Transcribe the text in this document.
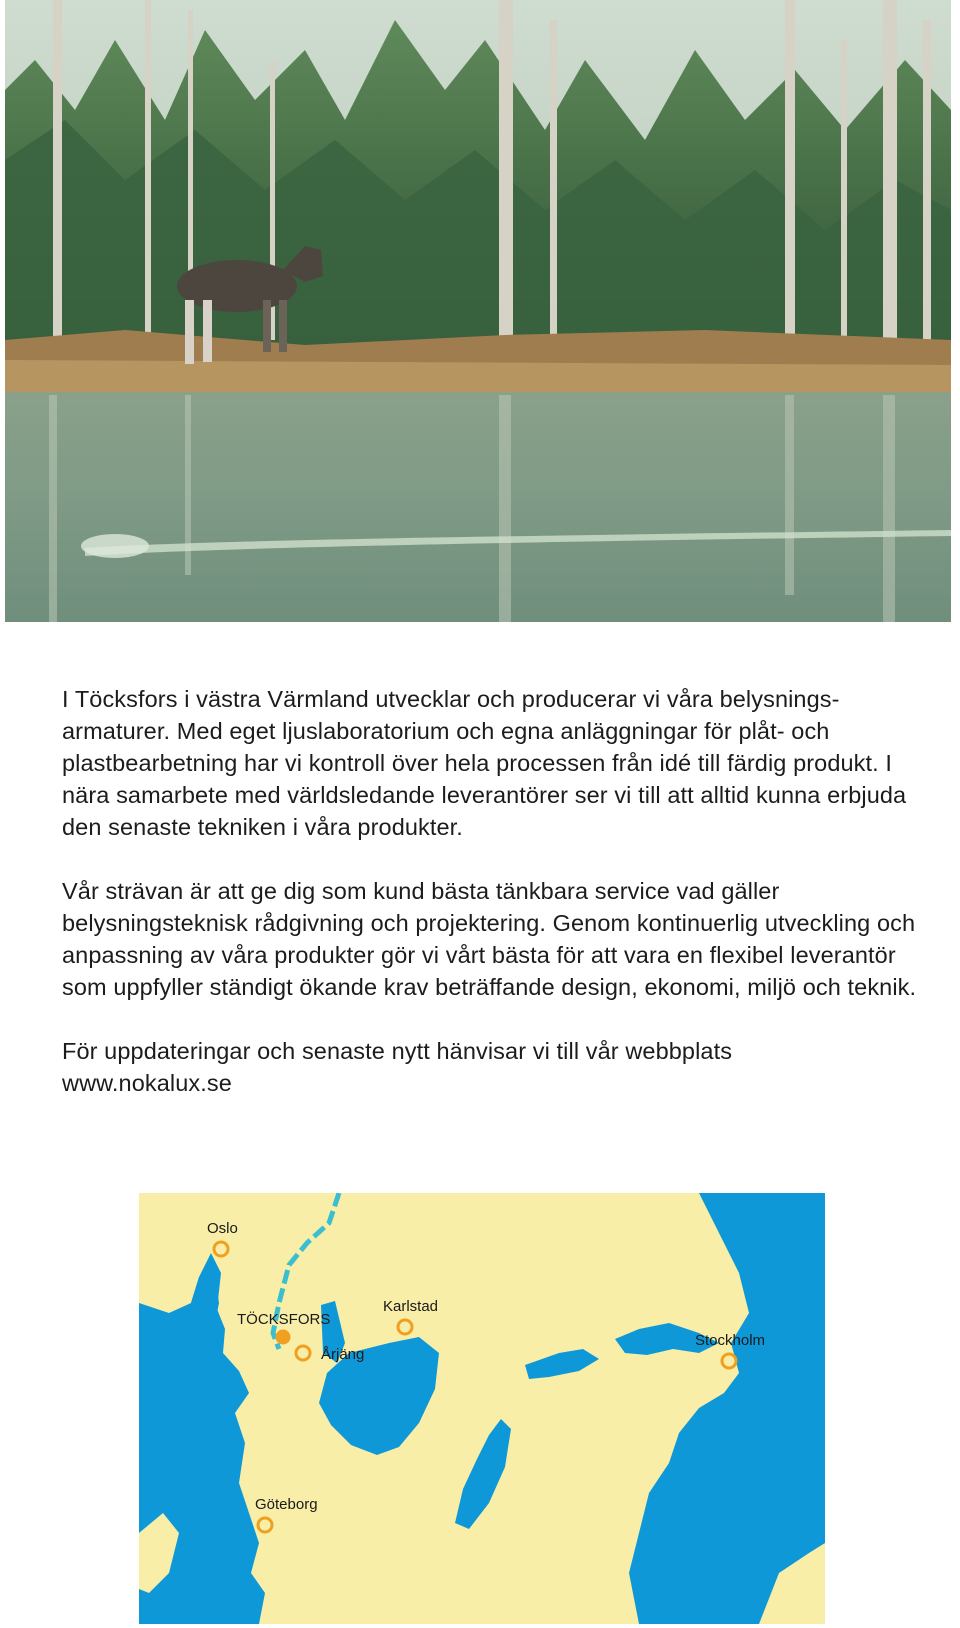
I Töcksfors i västra Värmland utvecklar och producerar vi våra belysnings-armaturer. Med eget ljuslaboratorium och egna anläggningar för plåt- och plastbearbetning har vi kontroll över hela processen från idé till färdig produkt. I nära samarbete med världsledande leverantörer ser vi till att alltid kunna erbjuda den senaste tekniken i våra produkter.

Vår strävan är att ge dig som kund bästa tänkbara service vad gäller belysningsteknisk rådgivning och projektering. Genom kontinuerlig utveckling och anpassning av våra produkter gör vi vårt bästa för att vara en flexibel leverantör som uppfyller ständigt ökande krav beträffande design, ekonomi, miljö och teknik.

För uppdateringar och senaste nytt hänvisar vi till vår webbplats
www.nokalux.se

Oslo
TÖCKSFORS
Årjäng
Karlstad
Stockholm
Göteborg
